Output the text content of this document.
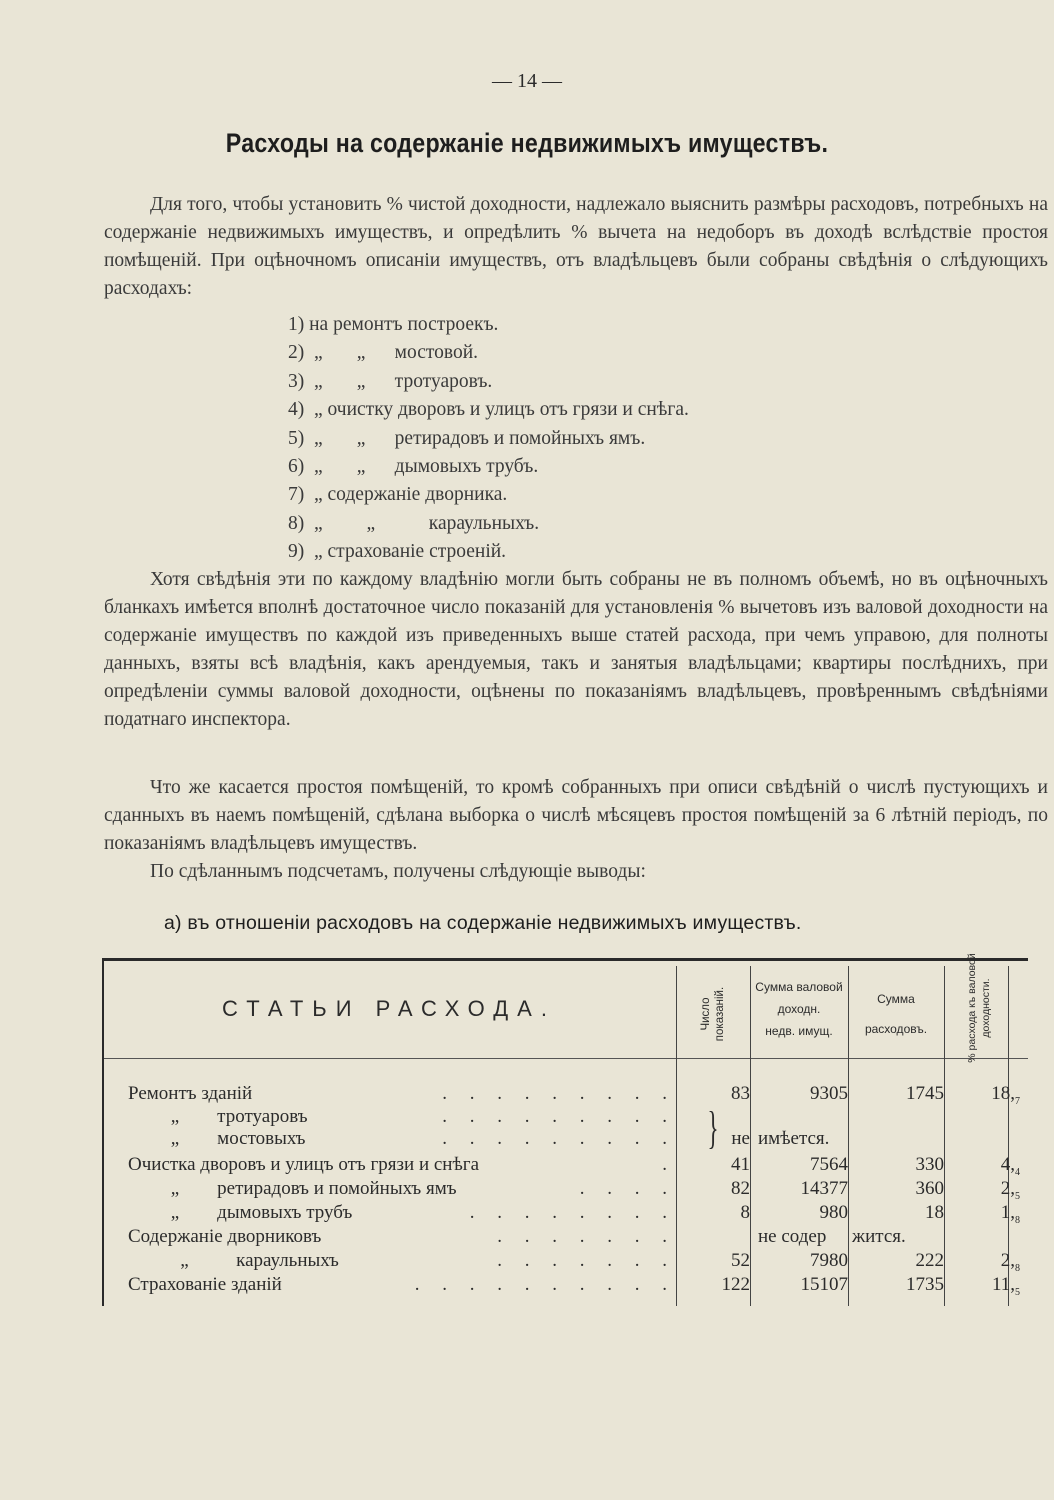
— 14 —
Расходы на содержаніе недвижимыхъ имуществъ.
Для того, чтобы установить % чистой доходности, надлежало выяснить размѣры расходовъ, потребныхъ на содержаніе недвижимыхъ имуществъ, и опредѣлить % вычета на недоборъ въ доходѣ вслѣдствіе простоя помѣщеній. При оцѣночномъ описаніи имуществъ, отъ владѣльцевъ были собраны свѣдѣнія о слѣдующихъ расходахъ:
1) на ремонтъ построекъ.
2)  „       „      мостовой.
3)  „       „      тротуаровъ.
4)  „ очистку дворовъ и улицъ отъ грязи и снѣга.
5)  „       „      ретирадовъ и помойныхъ ямъ.
6)  „       „      дымовыхъ трубъ.
7)  „ содержаніе дворника.
8)  „         „           караульныхъ.
9)  „ страхованіе строеній.
Хотя свѣдѣнія эти по каждому владѣнію могли быть собраны не въ полномъ объемѣ, но въ оцѣночныхъ бланкахъ имѣется вполнѣ достаточное число показаній для установленія % вычетовъ изъ валовой доходности на содержаніе имуществъ по каждой изъ приведенныхъ выше статей расхода, при чемъ управою, для полноты данныхъ, взяты всѣ владѣнія, какъ арендуемыя, такъ и занятыя владѣльцами; квартиры послѣднихъ, при опредѣленіи суммы валовой доходности, оцѣнены по показаніямъ владѣльцевъ, провѣреннымъ свѣдѣніями податнаго инспектора.
Что же касается простоя помѣщеній, то кромѣ собранныхъ при описи свѣдѣній о числѣ пустующихъ и сданныхъ въ наемъ помѣщеній, сдѣлана выборка о числѣ мѣсяцевъ простоя помѣщеній за 6 лѣтній періодъ, по показаніямъ владѣльцевъ имуществъ.
По сдѣланнымъ подсчетамъ, получены слѣдующіе выводы:
а) въ отношеніи расходовъ на содержаніе недвижимыхъ имуществъ.
СТАТЬИ РАСХОДА.	Число показаній.	Сумма валовой доходн.
недв. имущ.
Сумма
расходовъ.	% расхода къ валовой доходности.
Ремонтъ зданій	. . . . . . . . .	83	9305	1745	$18,_7$
„        тротуаровъ	. . . . . . . . .
„        мостовыхъ	. . . . . . . . .	не имѣется.
}
Очистка дворовъ и улицъ отъ грязи и снѣга	.	41	7564	330	$4,_4$
„        ретирадовъ и помойныхъ ямъ	. . . .	82	14377	360	$2,_5$
„        дымовыхъ трубъ	. . . . . . . .	8	980	18	$1,_8$
Содержаніе дворниковъ	. . . . . . .	не содер	жится.
„          караульныхъ	. . . . . . .	52	7980	222	$2,_8$
Страхованіе зданій	. . . . . . . . . .	122	15107	1735	$11,_5$
